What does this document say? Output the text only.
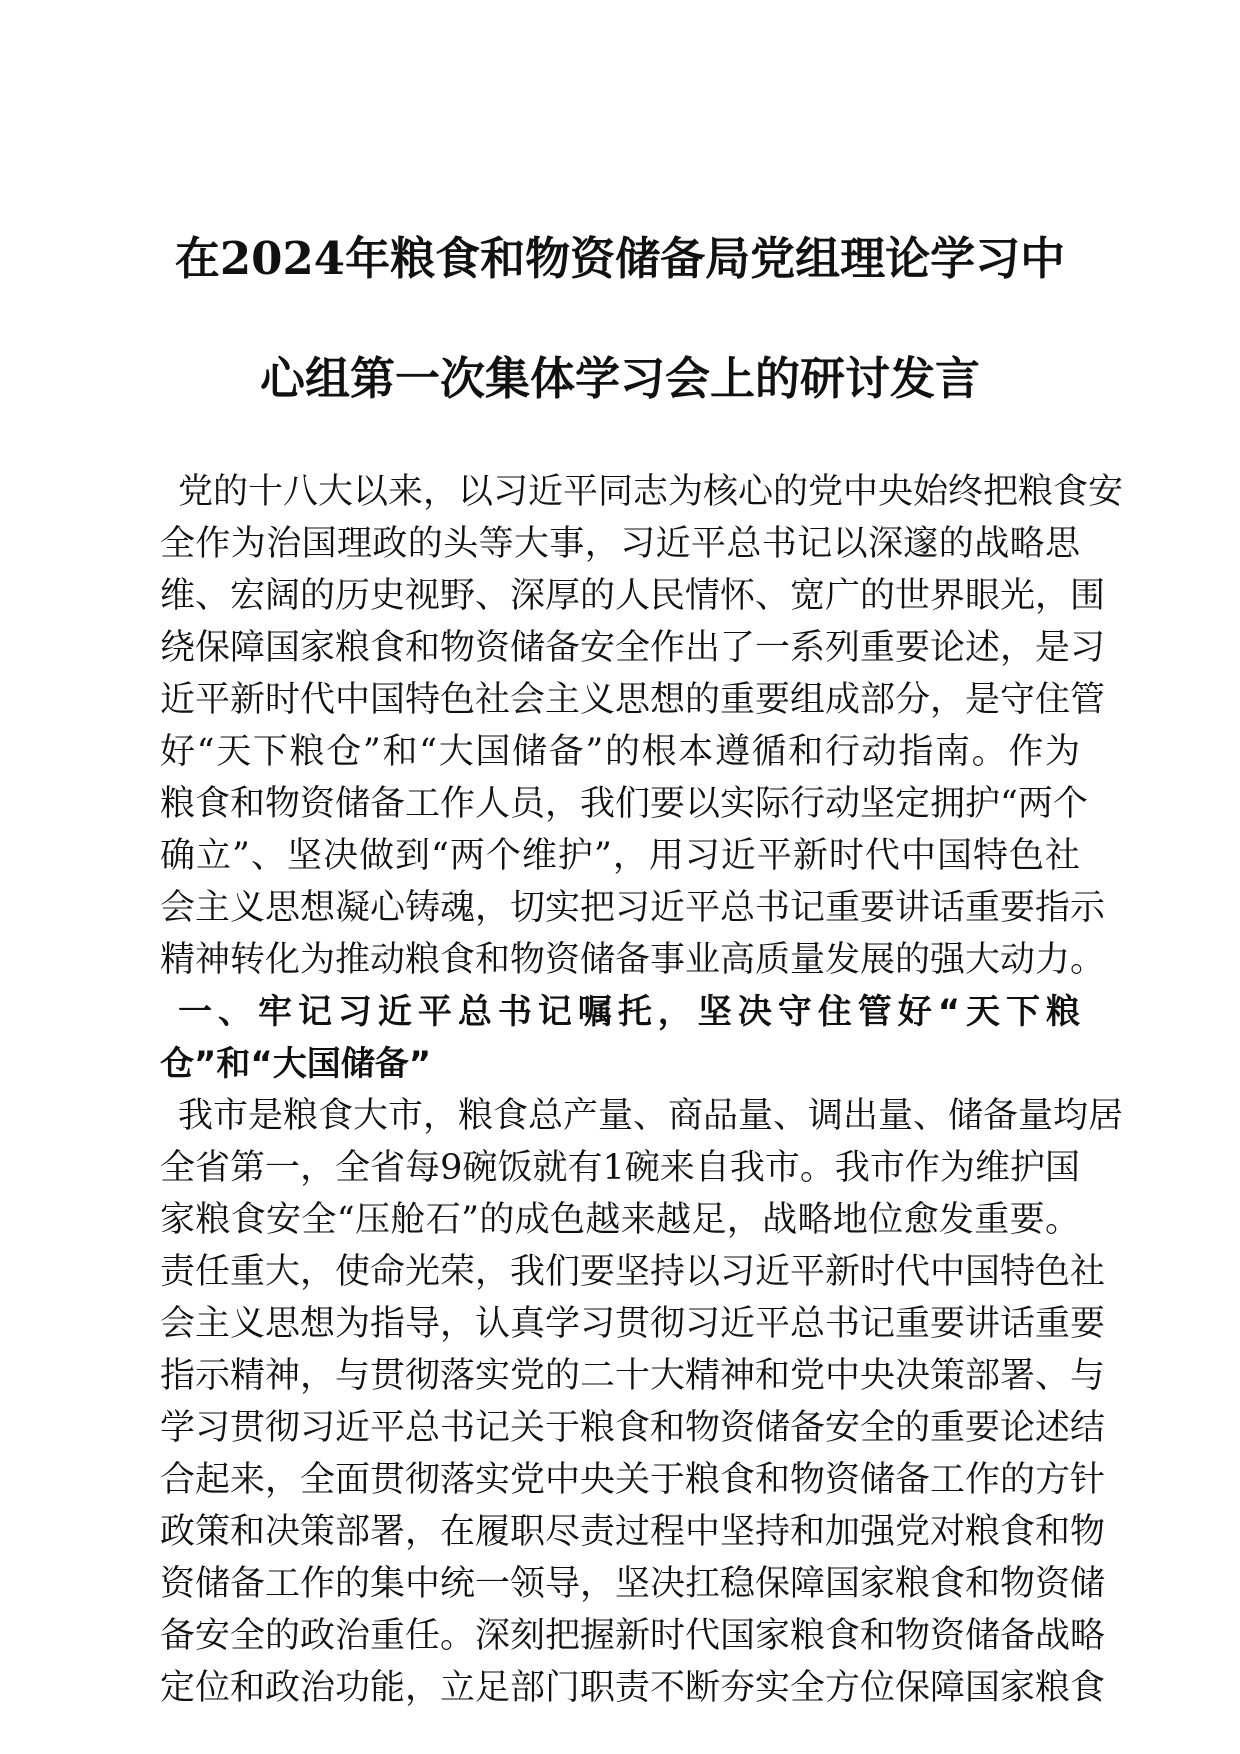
在2024年粮食和物资储备局党组理论学习中
心组第一次集体学习会上的研讨发言
党的十八大以来，以习近平同志为核心的党中央始终把粮食安
全作为治国理政的头等大事，习近平总书记以深邃的战略思
维、宏阔的历史视野、深厚的人民情怀、宽广的世界眼光，围
绕保障国家粮食和物资储备安全作出了一系列重要论述，是习
近平新时代中国特色社会主义思想的重要组成部分，是守住管
好“天下粮仓”和“大国储备”的根本遵循和行动指南。作为
粮食和物资储备工作人员，我们要以实际行动坚定拥护“两个
确立”、坚决做到“两个维护”，用习近平新时代中国特色社
会主义思想凝心铸魂，切实把习近平总书记重要讲话重要指示
精神转化为推动粮食和物资储备事业高质量发展的强大动力。
一、牢记习近平总书记嘱托，坚决守住管好“天下粮
仓”和“大国储备”
我市是粮食大市，粮食总产量、商品量、调出量、储备量均居
全省第一，全省每9碗饭就有1碗来自我市。我市作为维护国
家粮食安全“压舱石”的成色越来越足，战略地位愈发重要。
责任重大，使命光荣，我们要坚持以习近平新时代中国特色社
会主义思想为指导，认真学习贯彻习近平总书记重要讲话重要
指示精神，与贯彻落实党的二十大精神和党中央决策部署、与
学习贯彻习近平总书记关于粮食和物资储备安全的重要论述结
合起来，全面贯彻落实党中央关于粮食和物资储备工作的方针
政策和决策部署，在履职尽责过程中坚持和加强党对粮食和物
资储备工作的集中统一领导，坚决扛稳保障国家粮食和物资储
备安全的政治重任。深刻把握新时代国家粮食和物资储备战略
定位和政治功能，立足部门职责不断夯实全方位保障国家粮食
